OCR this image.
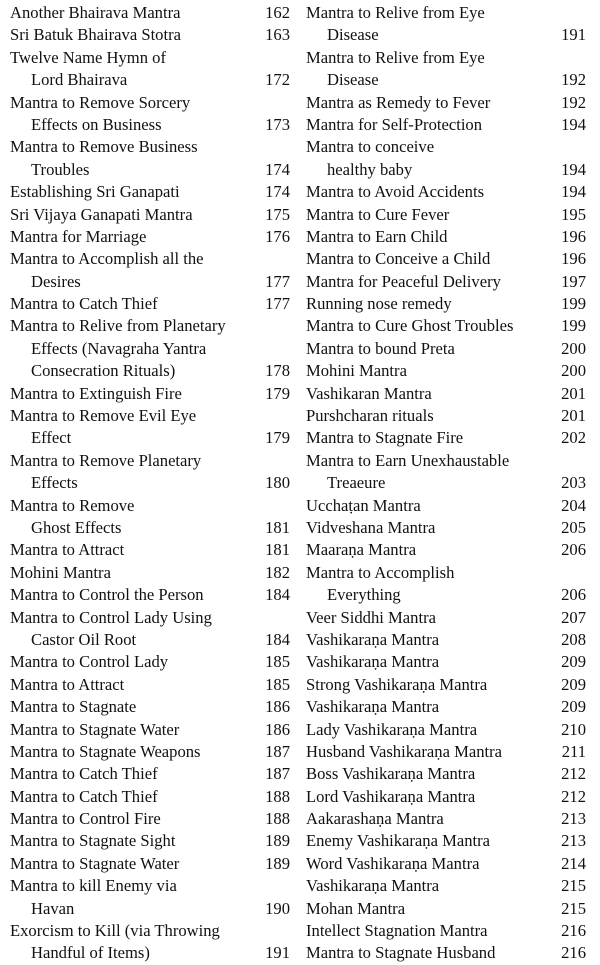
Another Bhairava Mantra	162
Sri Batuk Bhairava Stotra	163
Twelve Name Hymn of
Lord Bhairava	172
Mantra to Remove Sorcery
Effects on Business	173
Mantra to Remove Business
Troubles	174
Establishing Sri Ganapati	174
Sri Vijaya Ganapati Mantra	175
Mantra for Marriage	176
Mantra to Accomplish all the
Desires	177
Mantra to Catch Thief	177
Mantra to Relive from Planetary
Effects (Navagraha Yantra
Consecration Rituals)	178
Mantra to Extinguish Fire	179
Mantra to Remove Evil Eye
Effect	179
Mantra to Remove Planetary
Effects	180
Mantra to Remove
Ghost Effects	181
Mantra to Attract	181
Mohini Mantra	182
Mantra to Control the Person	184
Mantra to Control Lady Using
Castor Oil Root	184
Mantra to Control Lady	185
Mantra to Attract	185
Mantra to Stagnate	186
Mantra to Stagnate Water	186
Mantra to Stagnate Weapons	187
Mantra to Catch Thief	187
Mantra to Catch Thief	188
Mantra to Control Fire	188
Mantra to Stagnate Sight	189
Mantra to Stagnate Water	189
Mantra to kill Enemy via
Havan	190
Exorcism to Kill (via Throwing
Handful of Items)	191
Mantra to Relive from Eye
Disease	191
Mantra to Relive from Eye
Disease	192
Mantra as Remedy to Fever	192
Mantra for Self-Protection	194
Mantra to conceive
healthy baby	194
Mantra to Avoid Accidents	194
Mantra to Cure Fever	195
Mantra to Earn Child	196
Mantra to Conceive a Child	196
Mantra for Peaceful Delivery	197
Running nose remedy	199
Mantra to Cure Ghost Troubles	199
Mantra to bound Preta	200
Mohini Mantra	200
Vashikaran Mantra	201
Purshcharan rituals	201
Mantra to Stagnate Fire	202
Mantra to Earn Unexhaustable
Treaeure	203
Ucchaṭan Mantra	204
Vidveshana Mantra	205
Maaraṇa Mantra	206
Mantra to Accomplish
Everything	206
Veer Siddhi Mantra	207
Vashikaraṇa Mantra	208
Vashikaraṇa Mantra	209
Strong Vashikaraṇa Mantra	209
Vashikaraṇa Mantra	209
Lady Vashikaraṇa Mantra	210
Husband Vashikaraṇa Mantra	211
Boss Vashikaraṇa Mantra	212
Lord Vashikaraṇa Mantra	212
Aakarashaṇa Mantra	213
Enemy Vashikaraṇa Mantra	213
Word Vashikaraṇa Mantra	214
Vashikaraṇa Mantra	215
Mohan Mantra	215
Intellect Stagnation Mantra	216
Mantra to Stagnate Husband	216
